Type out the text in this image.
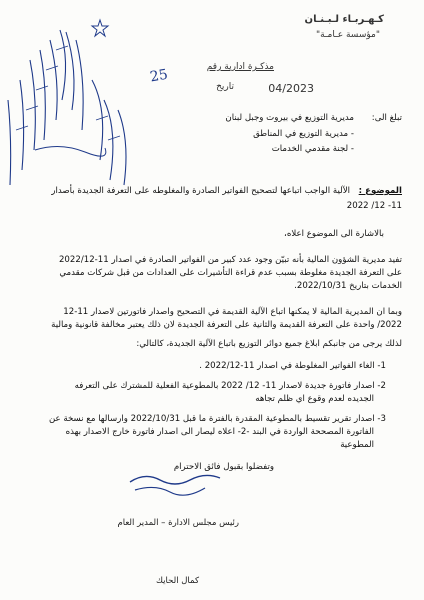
كـهـربـاء لـبـنـان
"مؤسسة عـامـة"
مذكـرة ادارية رقم
تاريخ	04/2023
25
تبلغ الى:
مديرية التوزيع في بيروت وجبل لبنان
- مديرية التوزيع في المناطق
- لجنة مقدمي الخدمات
الموضوع :
الآلية الواجب اتباعها لتصحيح الفواتير الصادرة والمغلوطه على التعرفة الجديدة بأصدار
11- 12/ 2022
بالاشارة الى الموضوع اعلاه،
تفيد مديرية الشؤون المالية بأنه تبيّن وجود عدد كبير من الفواتير الصادرة في اصدار 11-2022/12
على التعرفة الجديدة مغلوطة بسبب عدم قراءة التأشيرات على العدادات من قبل شركات مقدمي
الخدمات بتاريخ 2022/10/31.
وبما ان المديرية المالية لا يمكنها اتباع الآلية القديمة في التصحيح واصدار فاتورتين لاصدار 11-12
2022/ واحدة على التعرفة القديمة والثانية على التعرفة الجديدة لان ذلك يعتبر مخالفة قانونية ومالية
لذلك يرجى من جانبكم ابلاغ جميع دوائر التوزيع باتباع الآلية الجديدة، كالتالي:
1- الغاء الفواتير المغلوطة في اصدار 11-2022/12 .
2- اصدار فاتورة جديدة لاصدار 11- 12/ 2022 بالمطوعية الفعلية للمشترك على التعرفه
الجديده لعدم وقوع اي ظلم تجاهه
3- اصدار تقرير تقسيط بالمطوعية المقدرة بالفترة ما قبل 2022/10/31 وارسالها مع نسخة عن
الفاتورة المصححة الواردة في البند -2- اعلاه ليصار الى اصدار فاتورة خارج الاصدار بهذه
المطوعية
وتفضلوا بقبول فائق الاحترام
رئيس مجلس الادارة – المدير العام
كمال الحايك
